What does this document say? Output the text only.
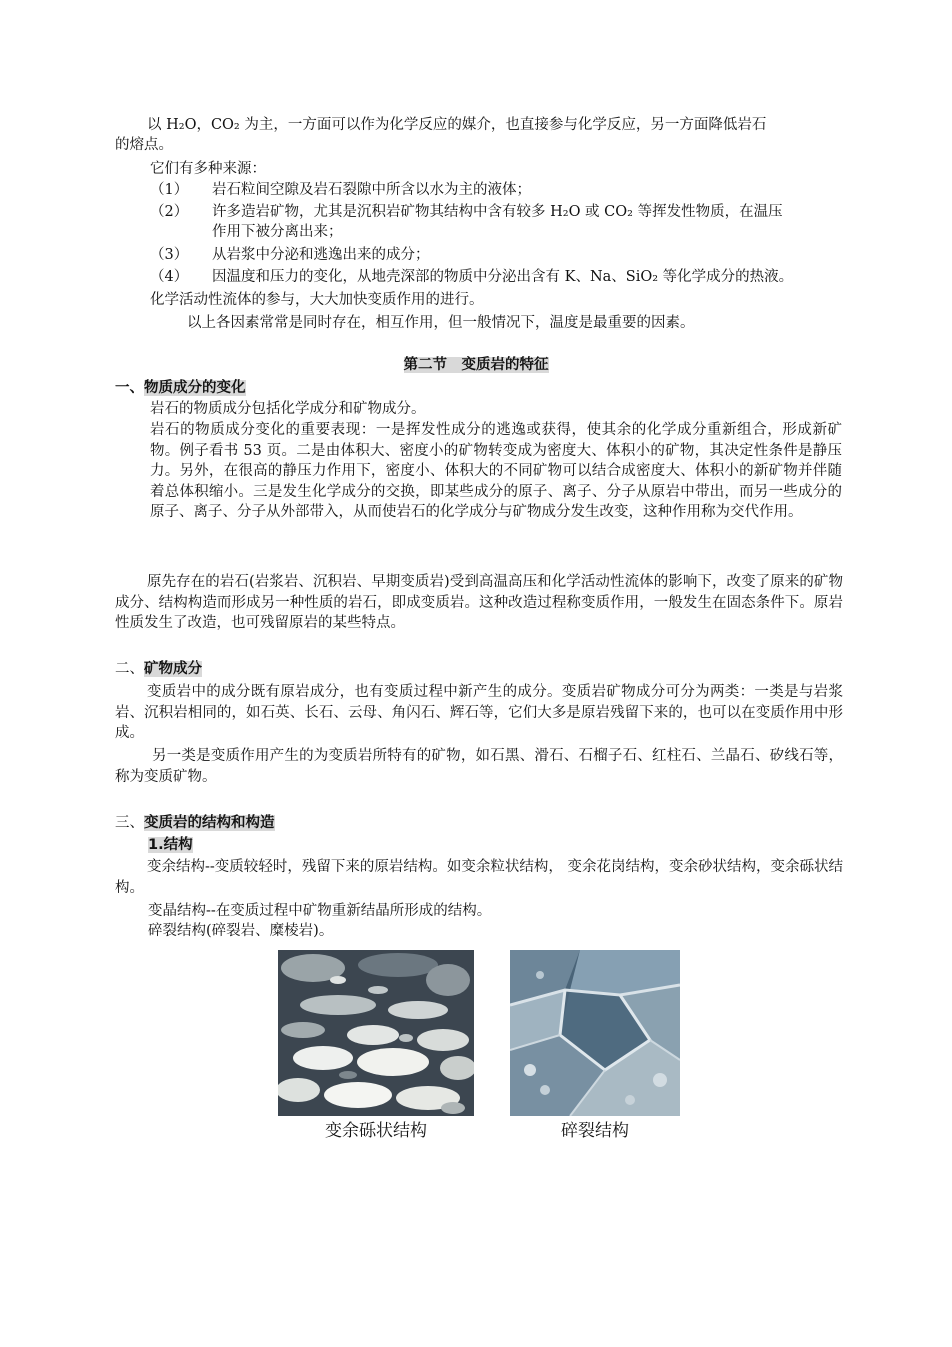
以 H₂O，CO₂ 为主，一方面可以作为化学反应的媒介，也直接参与化学反应，另一方面降低岩石
的熔点。
它们有多种来源：
（1） 岩石粒间空隙及岩石裂隙中所含以水为主的液体；
（2） 许多造岩矿物，尤其是沉积岩矿物其结构中含有较多 H₂O 或 CO₂ 等挥发性物质，在温压
作用下被分离出来；
（3） 从岩浆中分泌和逃逸出来的成分；
（4） 因温度和压力的变化，从地壳深部的物质中分泌出含有 K、Na、SiO₂ 等化学成分的热液。
化学活动性流体的参与，大大加快变质作用的进行。
以上各因素常常是同时存在，相互作用，但一般情况下，温度是最重要的因素。
第二节　变质岩的特征
一、物质成分的变化
岩石的物质成分包括化学成分和矿物成分。
岩石的物质成分变化的重要表现：一是挥发性成分的逃逸或获得，使其余的化学成分重新组合，形成新矿物。例子看书 53 页。二是由体积大、密度小的矿物转变成为密度大、体积小的矿物，其决定性条件是静压力。另外，在很高的静压力作用下，密度小、体积大的不同矿物可以结合成密度大、体积小的新矿物并伴随着总体积缩小。三是发生化学成分的交换，即某些成分的原子、离子、分子从原岩中带出，而另一些成分的原子、离子、分子从外部带入，从而使岩石的化学成分与矿物成分发生改变，这种作用称为交代作用。
原先存在的岩石(岩浆岩、沉积岩、早期变质岩)受到高温高压和化学活动性流体的影响下，改变了原来的矿物成分、结构构造而形成另一种性质的岩石，即成变质岩。这种改造过程称变质作用，一般发生在固态条件下。原岩性质发生了改造，也可残留原岩的某些特点。
二、矿物成分
变质岩中的成分既有原岩成分，也有变质过程中新产生的成分。变质岩矿物成分可分为两类：一类是与岩浆岩、沉积岩相同的，如石英、长石、云母、角闪石、辉石等，它们大多是原岩残留下来的，也可以在变质作用中形成。
另一类是变质作用产生的为变质岩所特有的矿物，如石黑、滑石、石榴子石、红柱石、兰晶石、矽线石等，称为变质矿物。
三、变质岩的结构和构造
1.结构
变余结构--变质较轻时，残留下来的原岩结构。如变余粒状结构， 变余花岗结构，变余砂状结构，变余砾状结构。
变晶结构--在变质过程中矿物重新结晶所形成的结构。
碎裂结构(碎裂岩、糜棱岩)。
变余砾状结构	碎裂结构
